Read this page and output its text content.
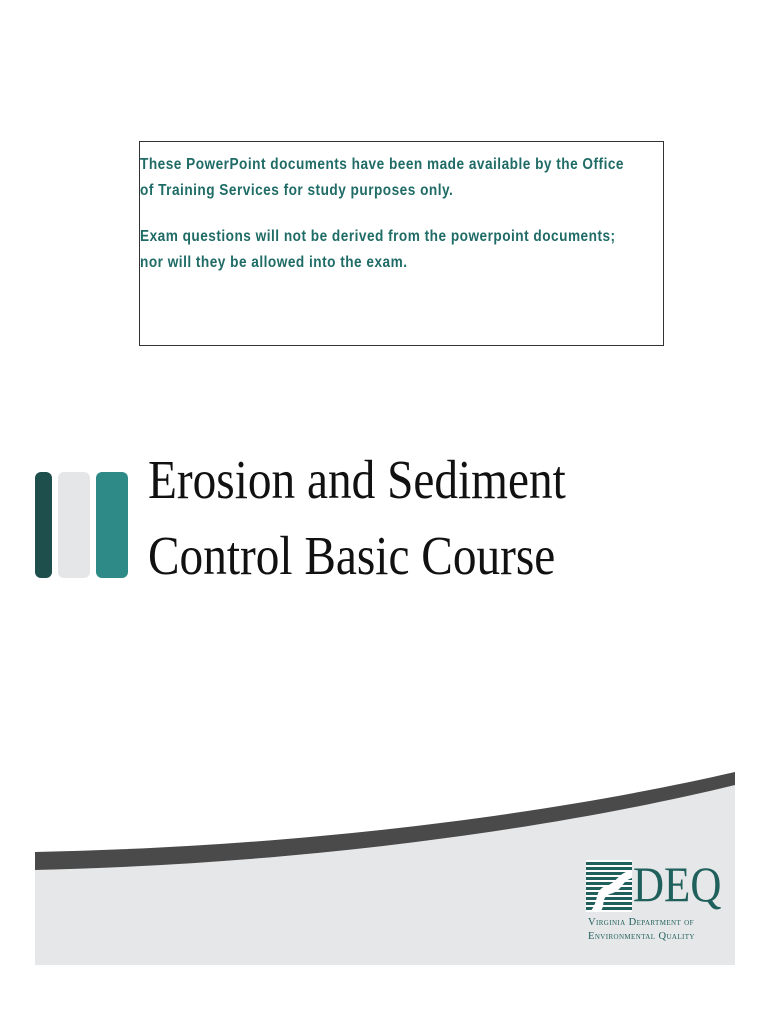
These PowerPoint documents have been made available by the Office
of Training Services for study purposes only.

Exam questions will not be derived from the powerpoint documents;
nor will they be allowed into the exam.

Erosion and Sediment
Control Basic Course
DEQ
Virginia Department of
Environmental Quality
